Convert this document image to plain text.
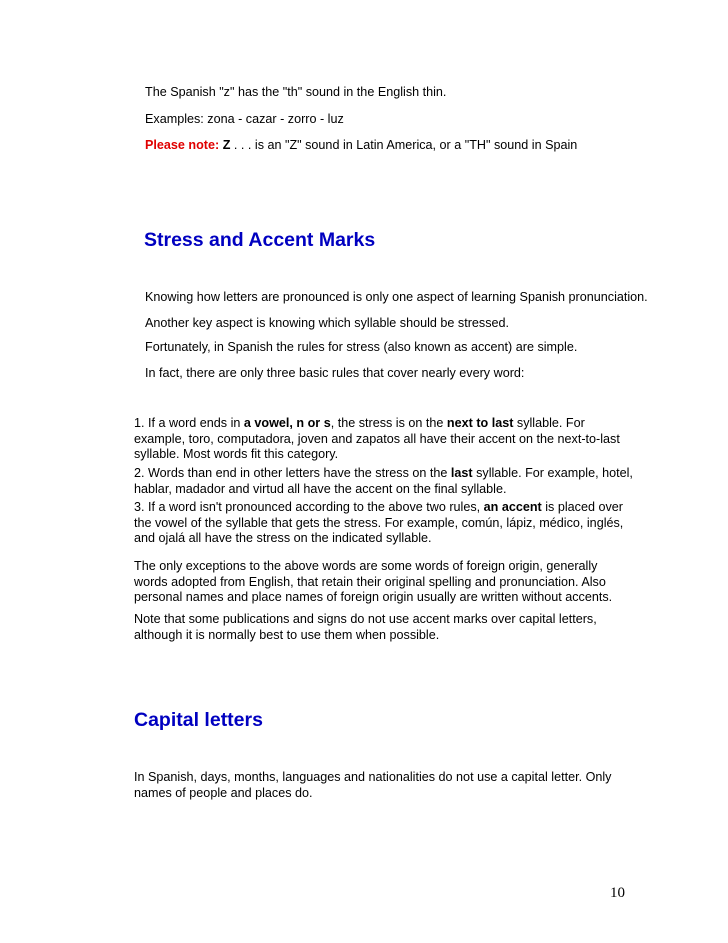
The Spanish "z" has the "th" sound in the English thin.
Examples: zona - cazar - zorro - luz
Please note: Z . . . is an "Z" sound in Latin America, or a "TH" sound in Spain
Stress and Accent Marks
Knowing how letters are pronounced is only one aspect of learning Spanish pronunciation.
Another key aspect is knowing which syllable should be stressed.
Fortunately, in Spanish the rules for stress (also known as accent) are simple.
In fact, there are only three basic rules that cover nearly every word:
1. If a word ends in a vowel, n or s, the stress is on the next to last syllable. For example, toro, computadora, joven and zapatos all have their accent on the next-to-last syllable. Most words fit this category.
2. Words than end in other letters have the stress on the last syllable. For example, hotel, hablar, madador and virtud all have the accent on the final syllable.
3. If a word isn't pronounced according to the above two rules, an accent is placed over the vowel of the syllable that gets the stress. For example, común, lápiz, médico, inglés, and ojalá all have the stress on the indicated syllable.
The only exceptions to the above words are some words of foreign origin, generally words adopted from English, that retain their original spelling and pronunciation. Also personal names and place names of foreign origin usually are written without accents.
Note that some publications and signs do not use accent marks over capital letters, although it is normally best to use them when possible.
Capital letters
In Spanish, days, months, languages and nationalities do not use a capital letter. Only names of people and places do.
10
